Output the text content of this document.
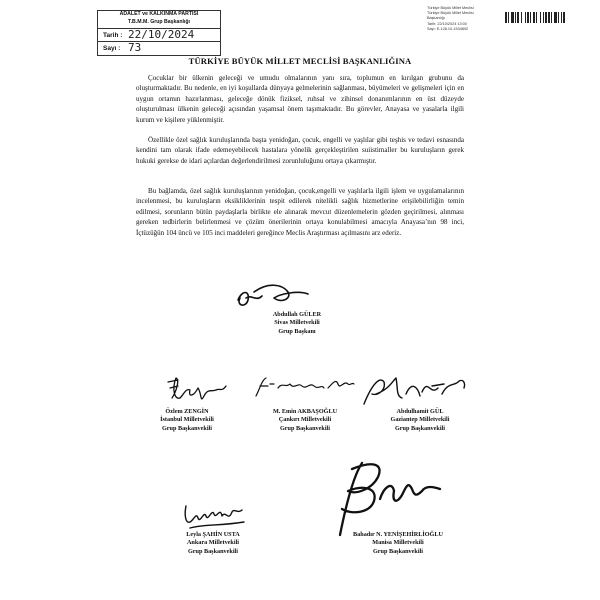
ADALET ve KALKINMA PARTİSİ
T.B.M.M. Grup Başkanlığı
Tarih : 22/10/2024
Sayı : 73
Türkiye Büyük Millet Meclisi
Türkiye Büyük Millet Meclisi
Başkanlığı
Tarih: 22/10/2024 13:00
Sayı: E-128.10-1534892
TÜRKİYE BÜYÜK MİLLET MECLİSİ BAŞKANLIĞINA
Çocuklar bir ülkenin geleceği ve umudu olmalarının yanı sıra, toplumun en kırılgan grubunu da oluşturmaktadır. Bu nedenle, en iyi koşullarda dünyaya gelmelerinin sağlanması, büyümeleri ve gelişmeleri için en uygun ortamın hazırlanması, geleceğe dönük fiziksel, ruhsal ve zihinsel donanımlarının en üst düzeyde oluşturulması ülkenin geleceği açısından yaşamsal önem taşımaktadır. Bu görevler, Anayasa ve yasalarla ilgili kurum ve kişilere yüklenmiştir.
Özellikle özel sağlık kuruluşlarında başta yenidoğan, çocuk, engelli ve yaşlılar gibi teşhis ve tedavi esnasında kendini tam olarak ifade edemeyebilecek hastalara yönelik gerçekleştirilen suiistimaller bu kuruluşların gerek hukuki gerekse de idari açılardan değerlendirilmesi zorunluluğunu ortaya çıkarmıştır.
Bu bağlamda, özel sağlık kuruluşlarının yenidoğan, çocuk,engelli ve yaşlılarla ilgili işlem ve uygulamalarının incelenmesi, bu kuruluşların eksikliklerinin tespit edilerek nitelikli sağlık hizmetlerine erişilebilirliğin temin edilmesi, sorunların bütün paydaşlarla birlikte ele alınarak mevcut düzenlemelerin gözden geçirilmesi, alınması gereken tedbirlerin belirlenmesi ve çözüm önerilerinin ortaya konulabilmesi amacıyla Anayasa’nın 98 inci, İçtüzüğün 104 üncü ve 105 inci maddeleri gereğince Meclis Araştırması açılmasını arz ederiz.
Abdullah GÜLER
Sivas Milletvekili
Grup Başkanı
Özlem ZENGİN
İstanbul Milletvekili
Grup Başkanvekili
M. Emin AKBAŞOĞLU
Çankırı Milletvekili
Grup Başkanvekili
Abdulhamit GÜL
Gaziantep Milletvekili
Grup Başkanvekili
Leyla ŞAHİN USTA
Ankara Milletvekili
Grup Başkanvekili
Bahadır N. YENİŞEHİRLİOĞLU
Manisa Milletvekili
Grup Başkanvekili
